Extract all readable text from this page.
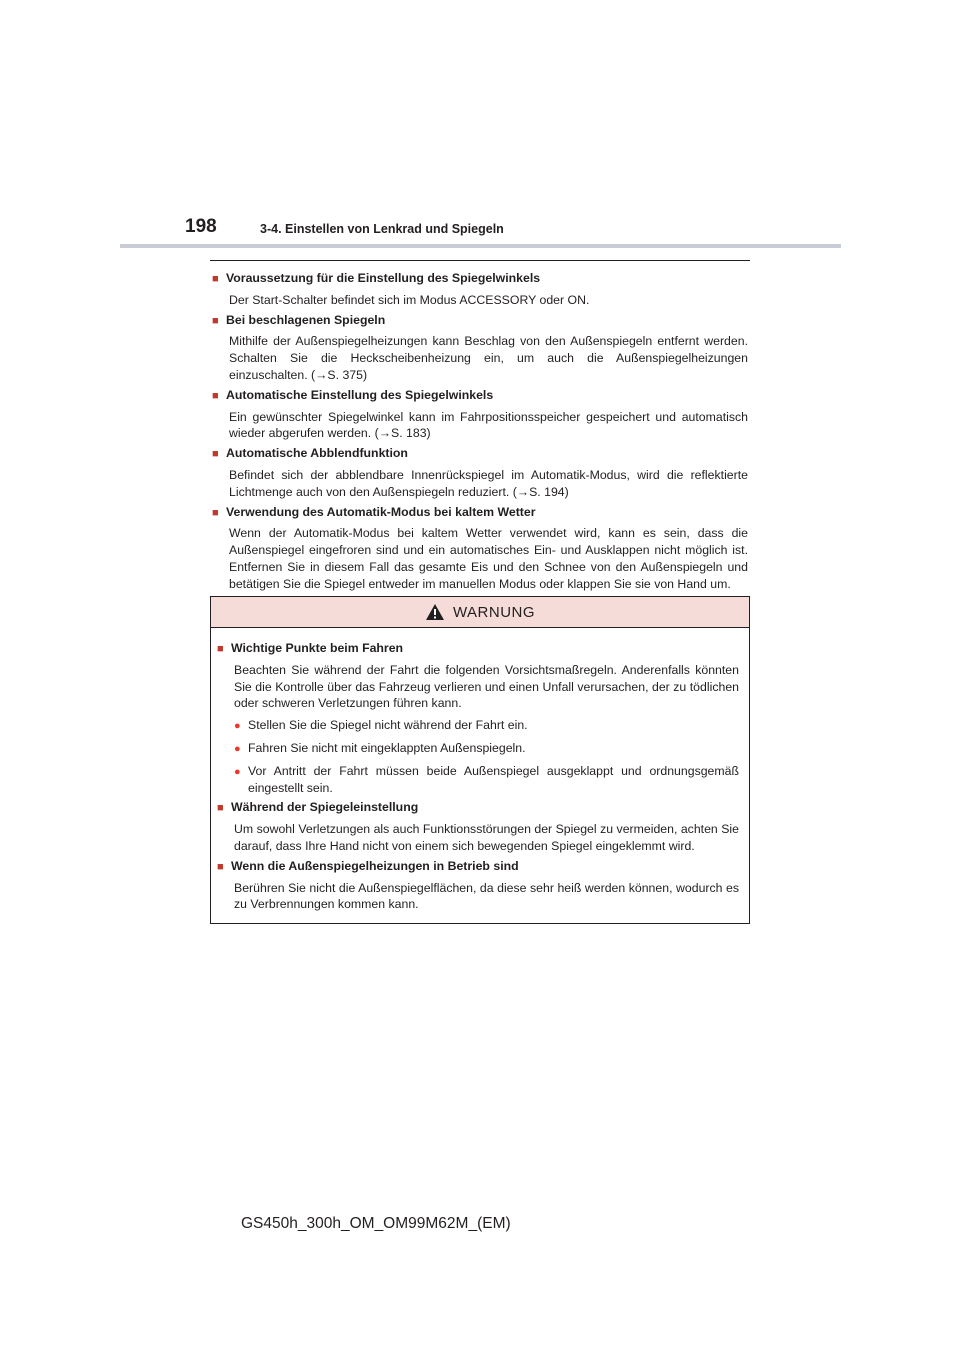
198	3-4. Einstellen von Lenkrad und Spiegeln
■ Voraussetzung für die Einstellung des Spiegelwinkels
Der Start-Schalter befindet sich im Modus ACCESSORY oder ON.
■ Bei beschlagenen Spiegeln
Mithilfe der Außenspiegelheizungen kann Beschlag von den Außenspiegeln entfernt werden. Schalten Sie die Heckscheibenheizung ein, um auch die Außenspiegelheizungen einzuschalten. (→S. 375)
■ Automatische Einstellung des Spiegelwinkels
Ein gewünschter Spiegelwinkel kann im Fahrpositionsspeicher gespeichert und automatisch wieder abgerufen werden. (→S. 183)
■ Automatische Abblendfunktion
Befindet sich der abblendbare Innenrückspiegel im Automatik-Modus, wird die reflektierte Lichtmenge auch von den Außenspiegeln reduziert. (→S. 194)
■ Verwendung des Automatik-Modus bei kaltem Wetter
Wenn der Automatik-Modus bei kaltem Wetter verwendet wird, kann es sein, dass die Außenspiegel eingefroren sind und ein automatisches Ein- und Ausklappen nicht möglich ist. Entfernen Sie in diesem Fall das gesamte Eis und den Schnee von den Außenspiegeln und betätigen Sie die Spiegel entweder im manuellen Modus oder klappen Sie sie von Hand um.
WARNUNG
■ Wichtige Punkte beim Fahren
Beachten Sie während der Fahrt die folgenden Vorsichtsmaßregeln. Anderenfalls könnten Sie die Kontrolle über das Fahrzeug verlieren und einen Unfall verursachen, der zu tödlichen oder schweren Verletzungen führen kann.
● Stellen Sie die Spiegel nicht während der Fahrt ein.
● Fahren Sie nicht mit eingeklappten Außenspiegeln.
● Vor Antritt der Fahrt müssen beide Außenspiegel ausgeklappt und ordnungsgemäß eingestellt sein.
■ Während der Spiegeleinstellung
Um sowohl Verletzungen als auch Funktionsstörungen der Spiegel zu vermeiden, achten Sie darauf, dass Ihre Hand nicht von einem sich bewegenden Spiegel eingeklemmt wird.
■ Wenn die Außenspiegelheizungen in Betrieb sind
Berühren Sie nicht die Außenspiegelflächen, da diese sehr heiß werden können, wodurch es zu Verbrennungen kommen kann.
GS450h_300h_OM_OM99M62M_(EM)
